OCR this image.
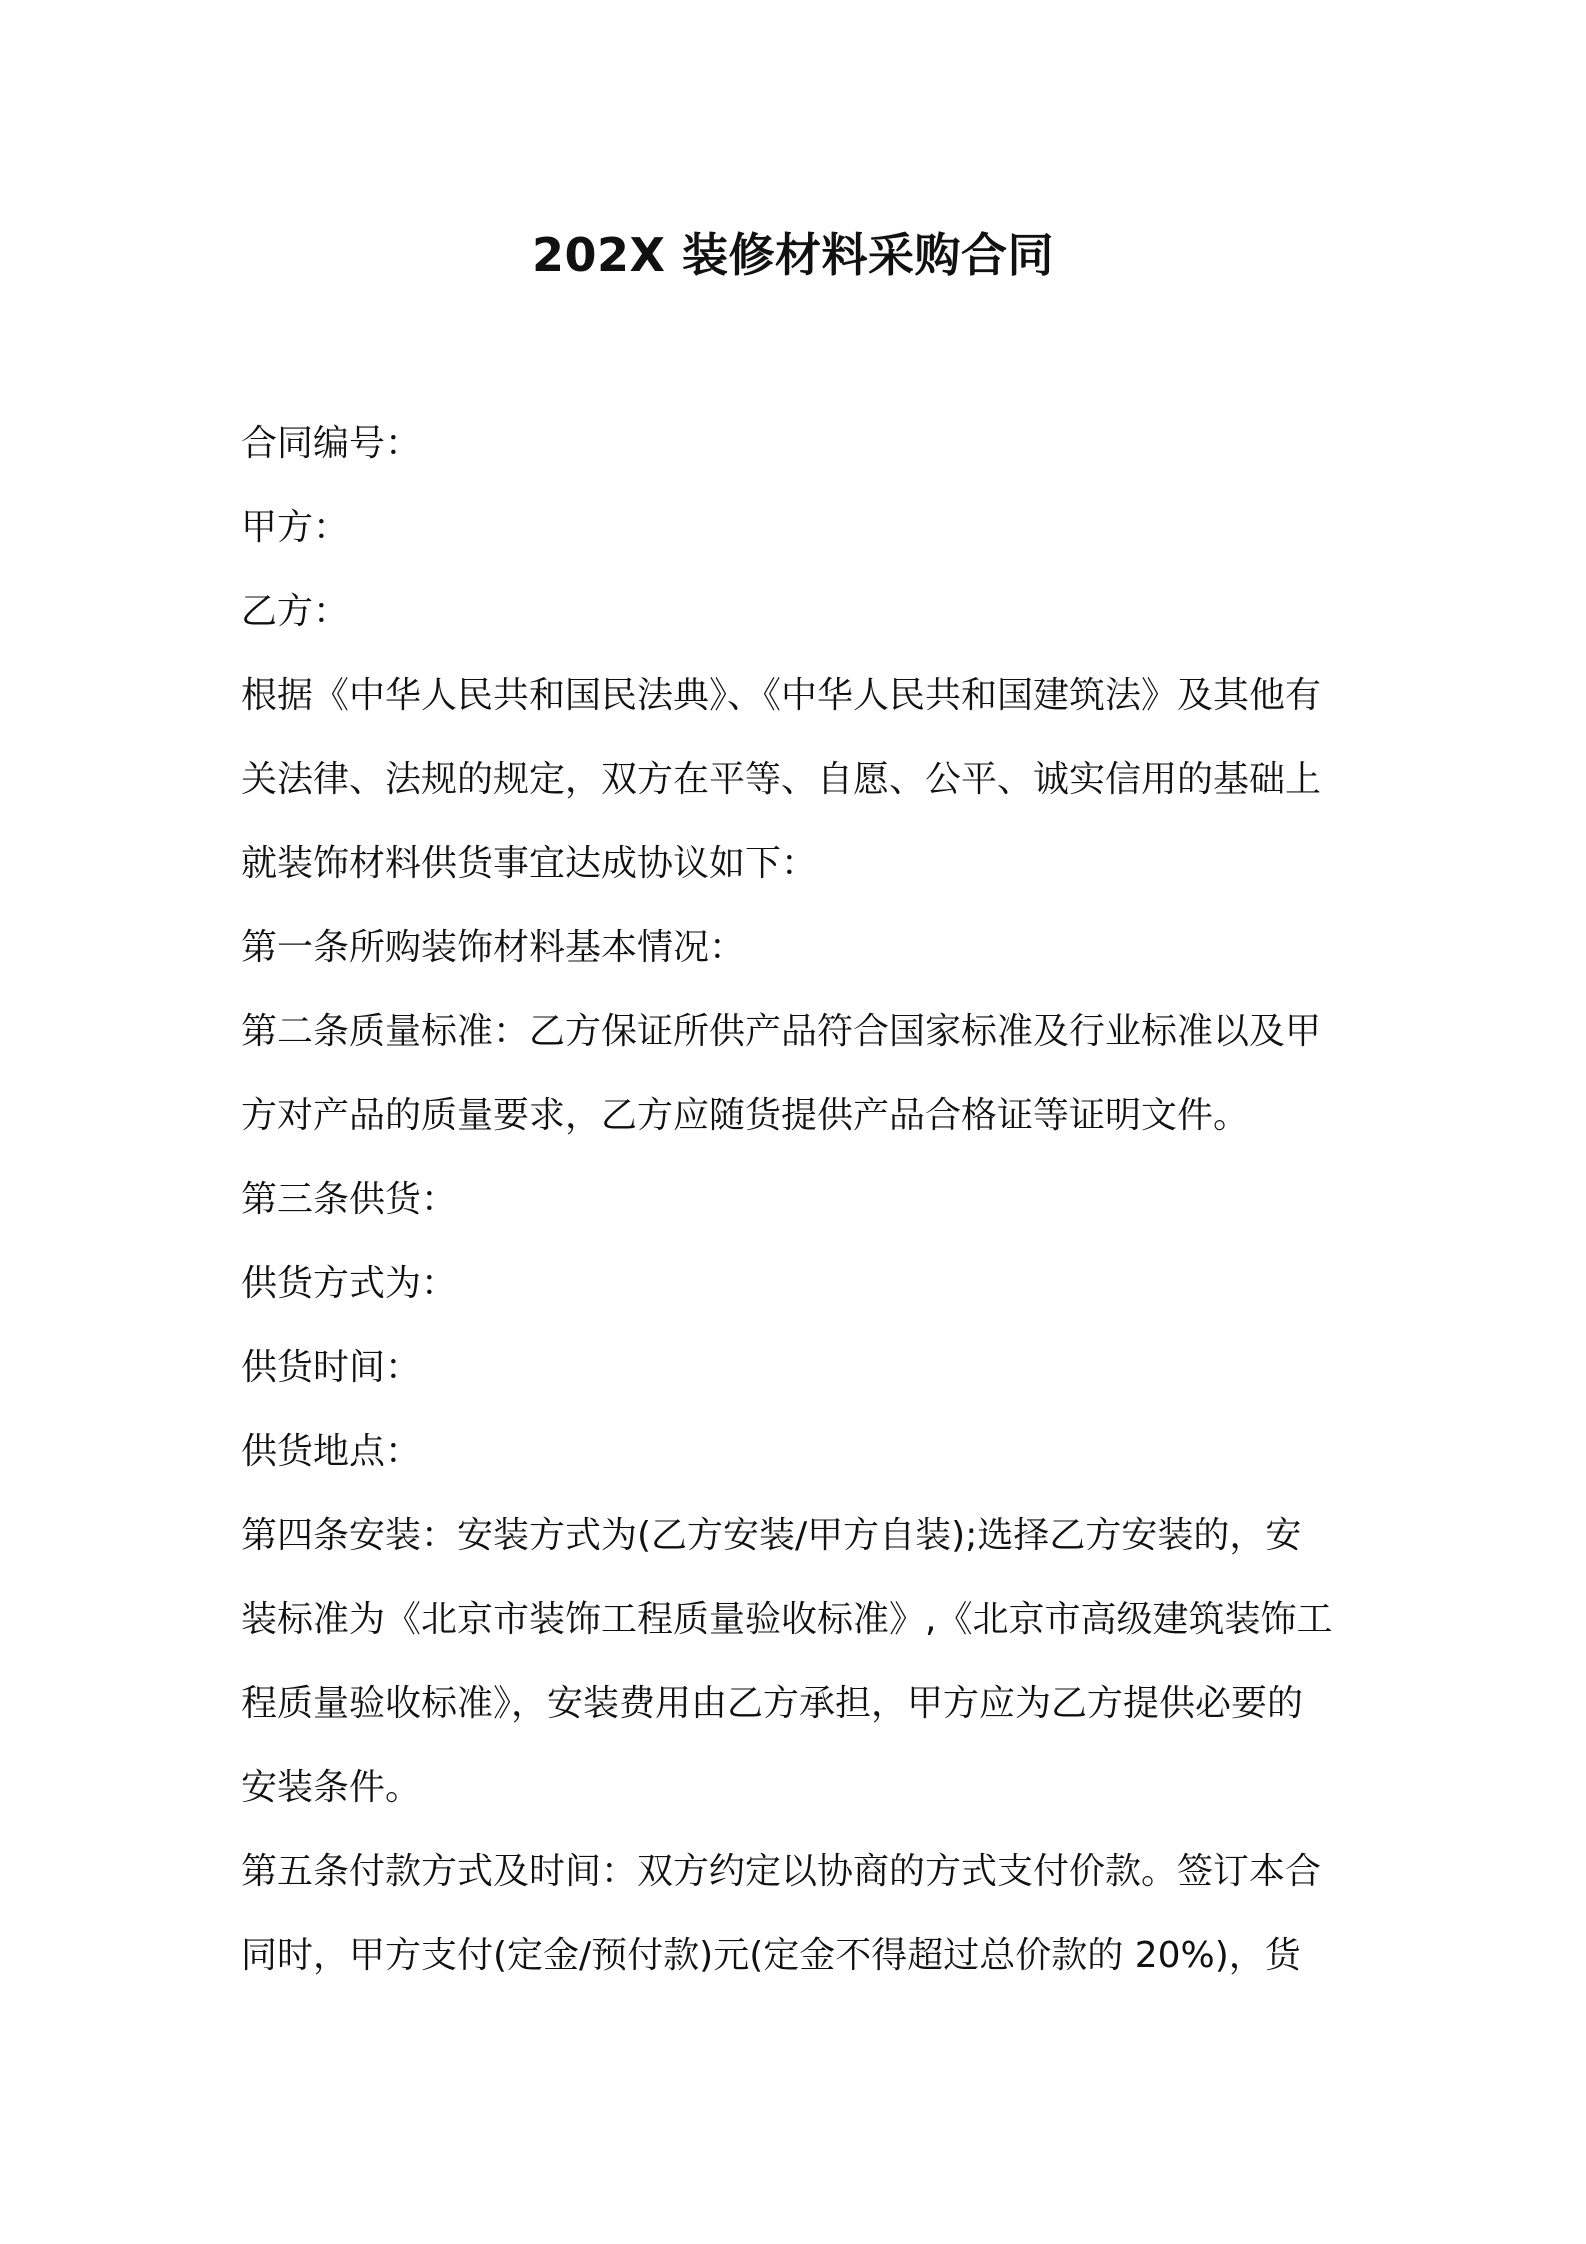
202X 装修材料采购合同
合同编号：
甲方：
乙方：
根据《中华人民共和国民法典》、《中华人民共和国建筑法》及其他有
关法律、法规的规定，双方在平等、自愿、公平、诚实信用的基础上
就装饰材料供货事宜达成协议如下：
第一条所购装饰材料基本情况：
第二条质量标准：乙方保证所供产品符合国家标准及行业标准以及甲
方对产品的质量要求，乙方应随货提供产品合格证等证明文件。
第三条供货：
供货方式为：
供货时间：
供货地点：
第四条安装：安装方式为(乙方安装/甲方自装);选择乙方安装的，安
装标准为《北京市装饰工程质量验收标准》,《北京市高级建筑装饰工
程质量验收标准》，安装费用由乙方承担，甲方应为乙方提供必要的
安装条件。
第五条付款方式及时间：双方约定以协商的方式支付价款。签订本合
同时，甲方支付(定金/预付款)元(定金不得超过总价款的 20%)，货
